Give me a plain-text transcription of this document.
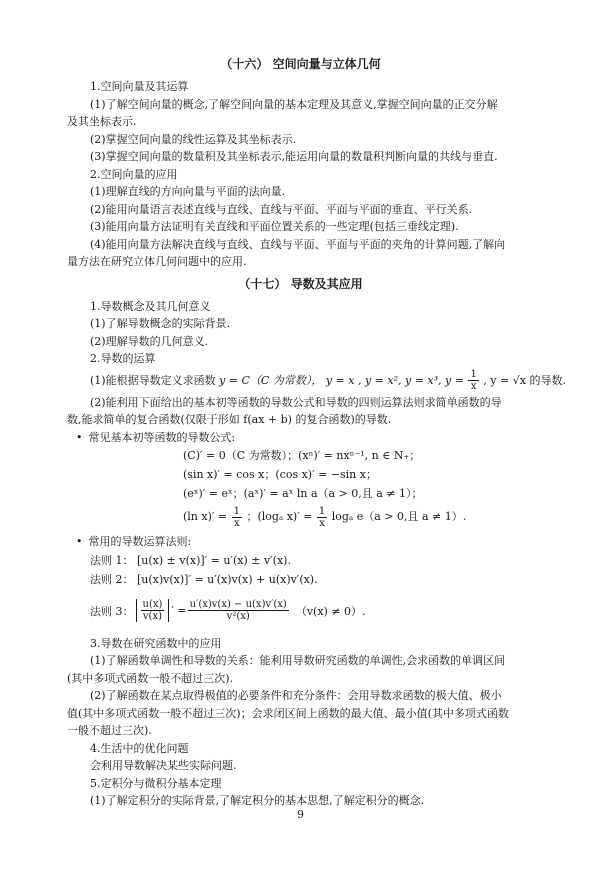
（十六） 空间向量与立体几何

1.空间向量及其运算

(1)了解空间向量的概念,了解空间向量的基本定理及其意义,掌握空间向量的正交分解

及其坐标表示.

(2)掌握空间向量的线性运算及其坐标表示.

(3)掌握空间向量的数量积及其坐标表示,能运用向量的数量积判断向量的共线与垂直.

2.空间向量的应用

(1)理解直线的方向向量与平面的法向量.

(2)能用向量语言表述直线与直线、直线与平面、平面与平面的垂直、平行关系.

(3)能用向量方法证明有关直线和平面位置关系的一些定理(包括三垂线定理).

(4)能用向量方法解决直线与直线、直线与平面、平面与平面的夹角的计算问题,了解向

量方法在研究立体几何问题中的应用.

（十七） 导数及其应用

1.导数概念及其几何意义

(1)了解导数概念的实际背景.

(2)理解导数的几何意义.

2.导数的运算

(1)能根据导数定义求函数 y = C（C 为常数）， y = x , y = x², y = x³, $y = \frac{1}{x}$ , y = √x 的导数.

(2)能利用下面给出的基本初等函数的导数公式和导数的四则运算法则求简单函数的导

数,能求简单的复合函数(仅限于形如 f(ax + b) 的复合函数)的导数.

• 常见基本初等函数的导数公式:
(C)′ = 0（C 为常数）；(xⁿ)′ = nxⁿ⁻¹, n ∈ N₊；
(sin x)′ = cos x；(cos x)′ = −sin x；
(eˣ)′ = eˣ；(aˣ)′ = aˣ ln a（a > 0,且 a ≠ 1）；
(ln $x)' = \frac{1}{x}$ ；(logₐ $x)' = \frac{1}{x}$ logₐ e（a > 0,且 a ≠ 1）.
• 常用的导数运算法则:
法则 1： [u(x) ± v(x)]′ = u′(x) ± v′(x).
法则 2： [u(x)v(x)]′ = u′(x)v(x) + u(x)v′(x).
法则 3： $\frac{u(x)}{v(x)}$ ′ = $\frac{u'(x)v(x) - u(x)v'(x)}{\text{v²(x)}} (v(x) \ne 0)$.

3.导数在研究函数中的应用

(1)了解函数单调性和导数的关系：能利用导数研究函数的单调性,会求函数的单调区间

(其中多项式函数一般不超过三次).

(2)了解函数在某点取得极值的必要条件和充分条件：会用导数求函数的极大值、极小

值(其中多项式函数一般不超过三次)；会求闭区间上函数的最大值、最小值(其中多项式函数

一般不超过三次).

4.生活中的优化问题

会利用导数解决某些实际问题.

5.定积分与微积分基本定理

(1)了解定积分的实际背景,了解定积分的基本思想,了解定积分的概念.

9
